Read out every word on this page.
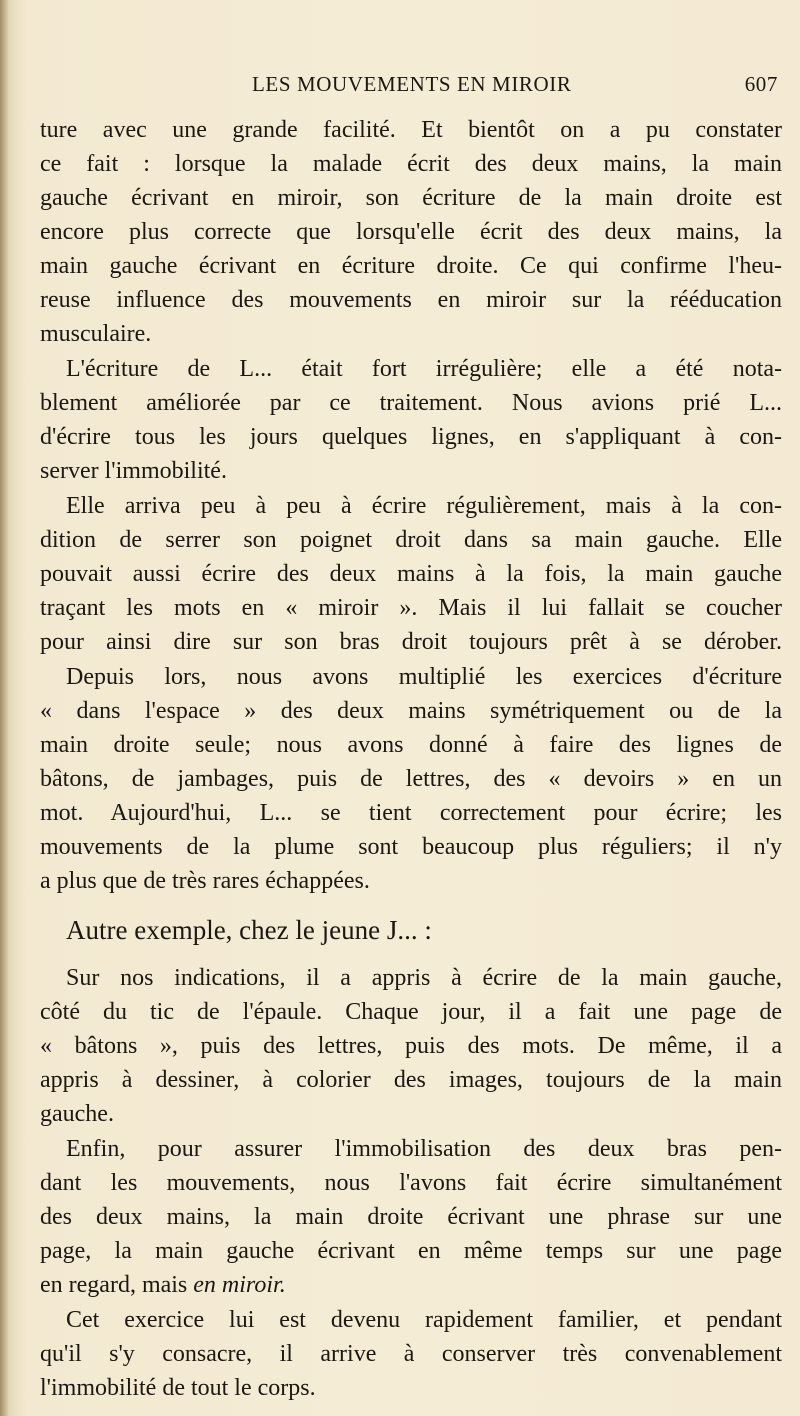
LES MOUVEMENTS EN MIROIR	607
ture avec une grande facilité. Et bientôt on a pu constater
ce fait : lorsque la malade écrit des deux mains, la main
gauche écrivant en miroir, son écriture de la main droite est
encore plus correcte que lorsqu'elle écrit des deux mains, la
main gauche écrivant en écriture droite. Ce qui confirme l'heu-
reuse influence des mouvements en miroir sur la rééducation
musculaire.
L'écriture de L... était fort irrégulière; elle a été nota-
blement améliorée par ce traitement. Nous avions prié L...
d'écrire tous les jours quelques lignes, en s'appliquant à con-
server l'immobilité.
Elle arriva peu à peu à écrire régulièrement, mais à la con-
dition de serrer son poignet droit dans sa main gauche. Elle
pouvait aussi écrire des deux mains à la fois, la main gauche
traçant les mots en « miroir ». Mais il lui fallait se coucher
pour ainsi dire sur son bras droit toujours prêt à se dérober.
Depuis lors, nous avons multiplié les exercices d'écriture
« dans l'espace » des deux mains symétriquement ou de la
main droite seule; nous avons donné à faire des lignes de
bâtons, de jambages, puis de lettres, des « devoirs » en un
mot. Aujourd'hui, L... se tient correctement pour écrire; les
mouvements de la plume sont beaucoup plus réguliers; il n'y
a plus que de très rares échappées.
Autre exemple, chez le jeune J... :
Sur nos indications, il a appris à écrire de la main gauche,
côté du tic de l'épaule. Chaque jour, il a fait une page de
« bâtons », puis des lettres, puis des mots. De même, il a
appris à dessiner, à colorier des images, toujours de la main
gauche.
Enfin, pour assurer l'immobilisation des deux bras pen-
dant les mouvements, nous l'avons fait écrire simultanément
des deux mains, la main droite écrivant une phrase sur une
page, la main gauche écrivant en même temps sur une page
en regard, mais en miroir.
Cet exercice lui est devenu rapidement familier, et pendant
qu'il s'y consacre, il arrive à conserver très convenablement
l'immobilité de tout le corps.
